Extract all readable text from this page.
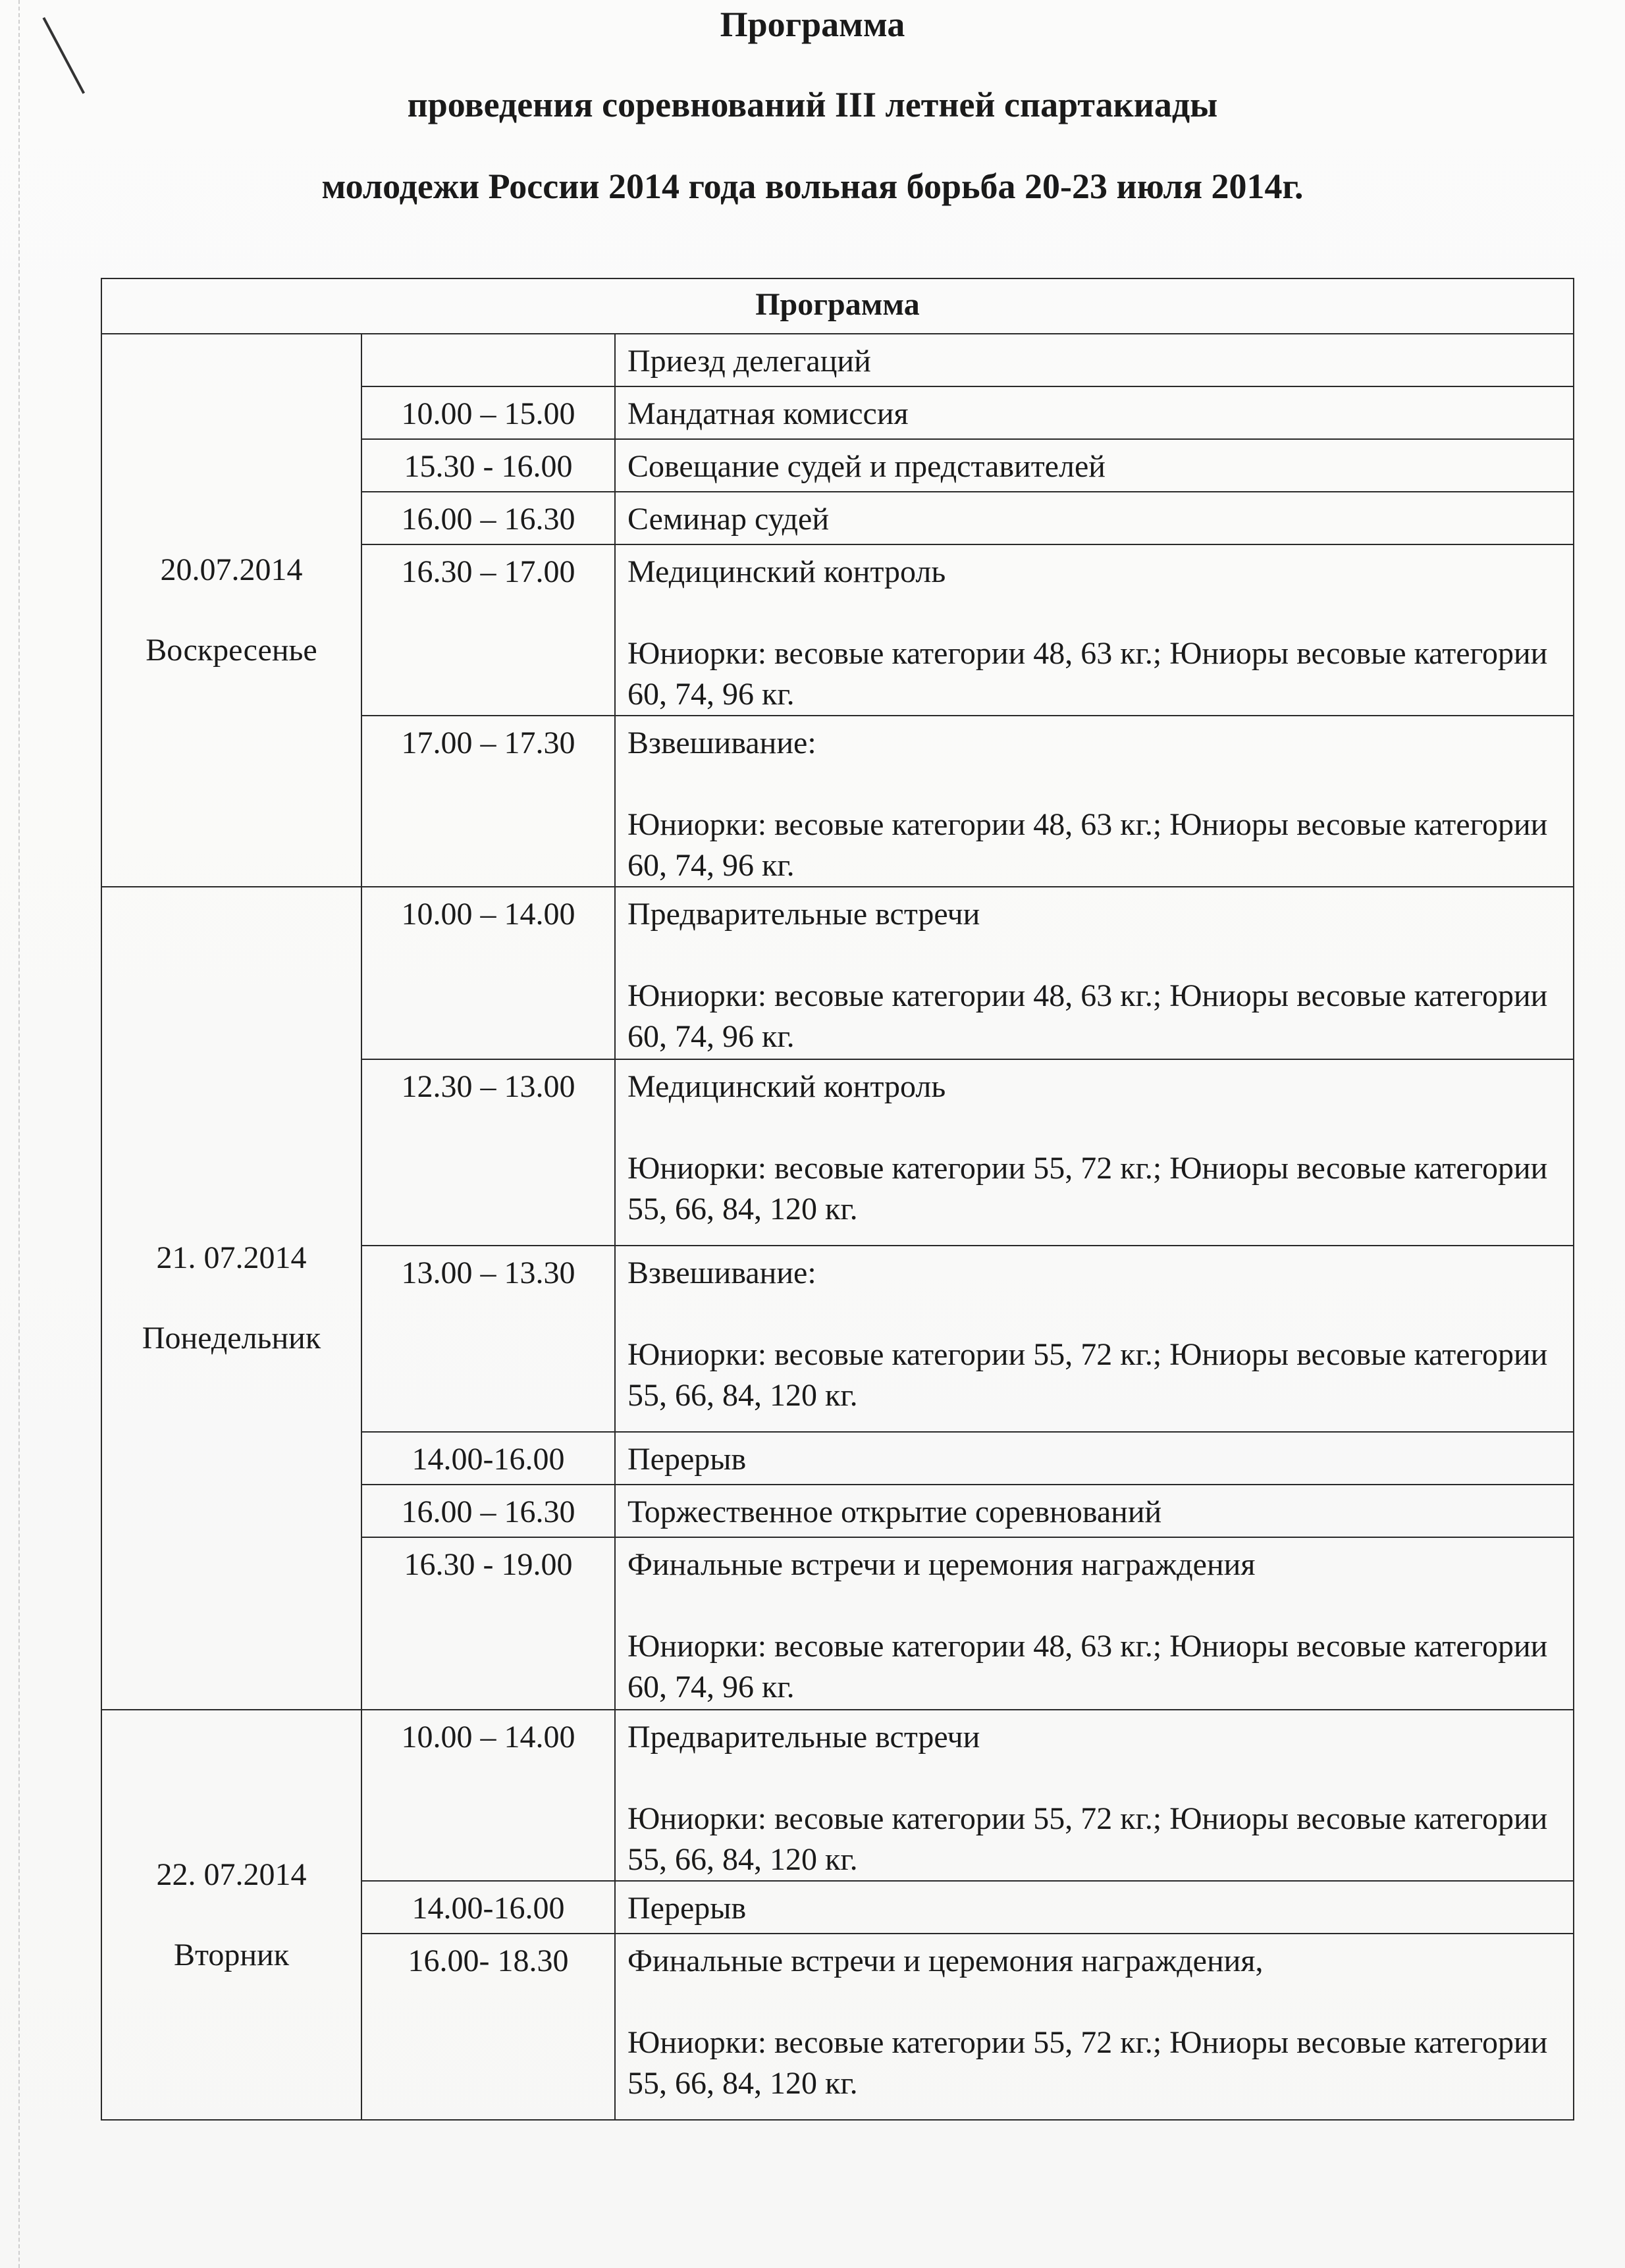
Программа
проведения соревнований III летней спартакиады
молодежи России 2014 года вольная борьба 20-23 июля 2014г.
Программа		

20.07.2014
Воскресенье		Приезд делегаций

	10.00 – 15.00	Мандатная комиссия

	15.30 - 16.00	Совещание судей и представителей

	16.00 – 16.30	Семинар судей

	16.30 – 17.00	Медицинский контроль
Юниорки: весовые категории 48, 63 кг.; Юниоры весовые категории 60, 74, 96 кг.

	17.00 – 17.30	Взвешивание:
Юниорки: весовые категории 48, 63 кг.; Юниоры весовые категории 60, 74, 96 кг.

21. 07.2014
Понедельник	10.00 – 14.00	Предварительные встречи
Юниорки: весовые категории 48, 63 кг.; Юниоры весовые категории 60, 74, 96 кг.

	12.30 – 13.00	Медицинский контроль
Юниорки: весовые категории 55, 72 кг.; Юниоры весовые категории 55, 66, 84, 120 кг.

	13.00 – 13.30	Взвешивание:
Юниорки: весовые категории 55, 72 кг.; Юниоры весовые категории 55, 66, 84, 120 кг.

	14.00-16.00	Перерыв

	16.00 – 16.30	Торжественное открытие соревнований

	16.30 - 19.00	Финальные встречи и церемония награждения
Юниорки: весовые категории 48, 63 кг.; Юниоры весовые категории 60, 74, 96 кг.

22. 07.2014
Вторник	10.00 – 14.00	Предварительные встречи
Юниорки: весовые категории 55, 72 кг.; Юниоры весовые категории 55, 66, 84, 120 кг.

	14.00-16.00	Перерыв

	16.00- 18.30	Финальные встречи и церемония награждения,
Юниорки: весовые категории 55, 72 кг.; Юниоры весовые категории 55, 66, 84, 120 кг.
